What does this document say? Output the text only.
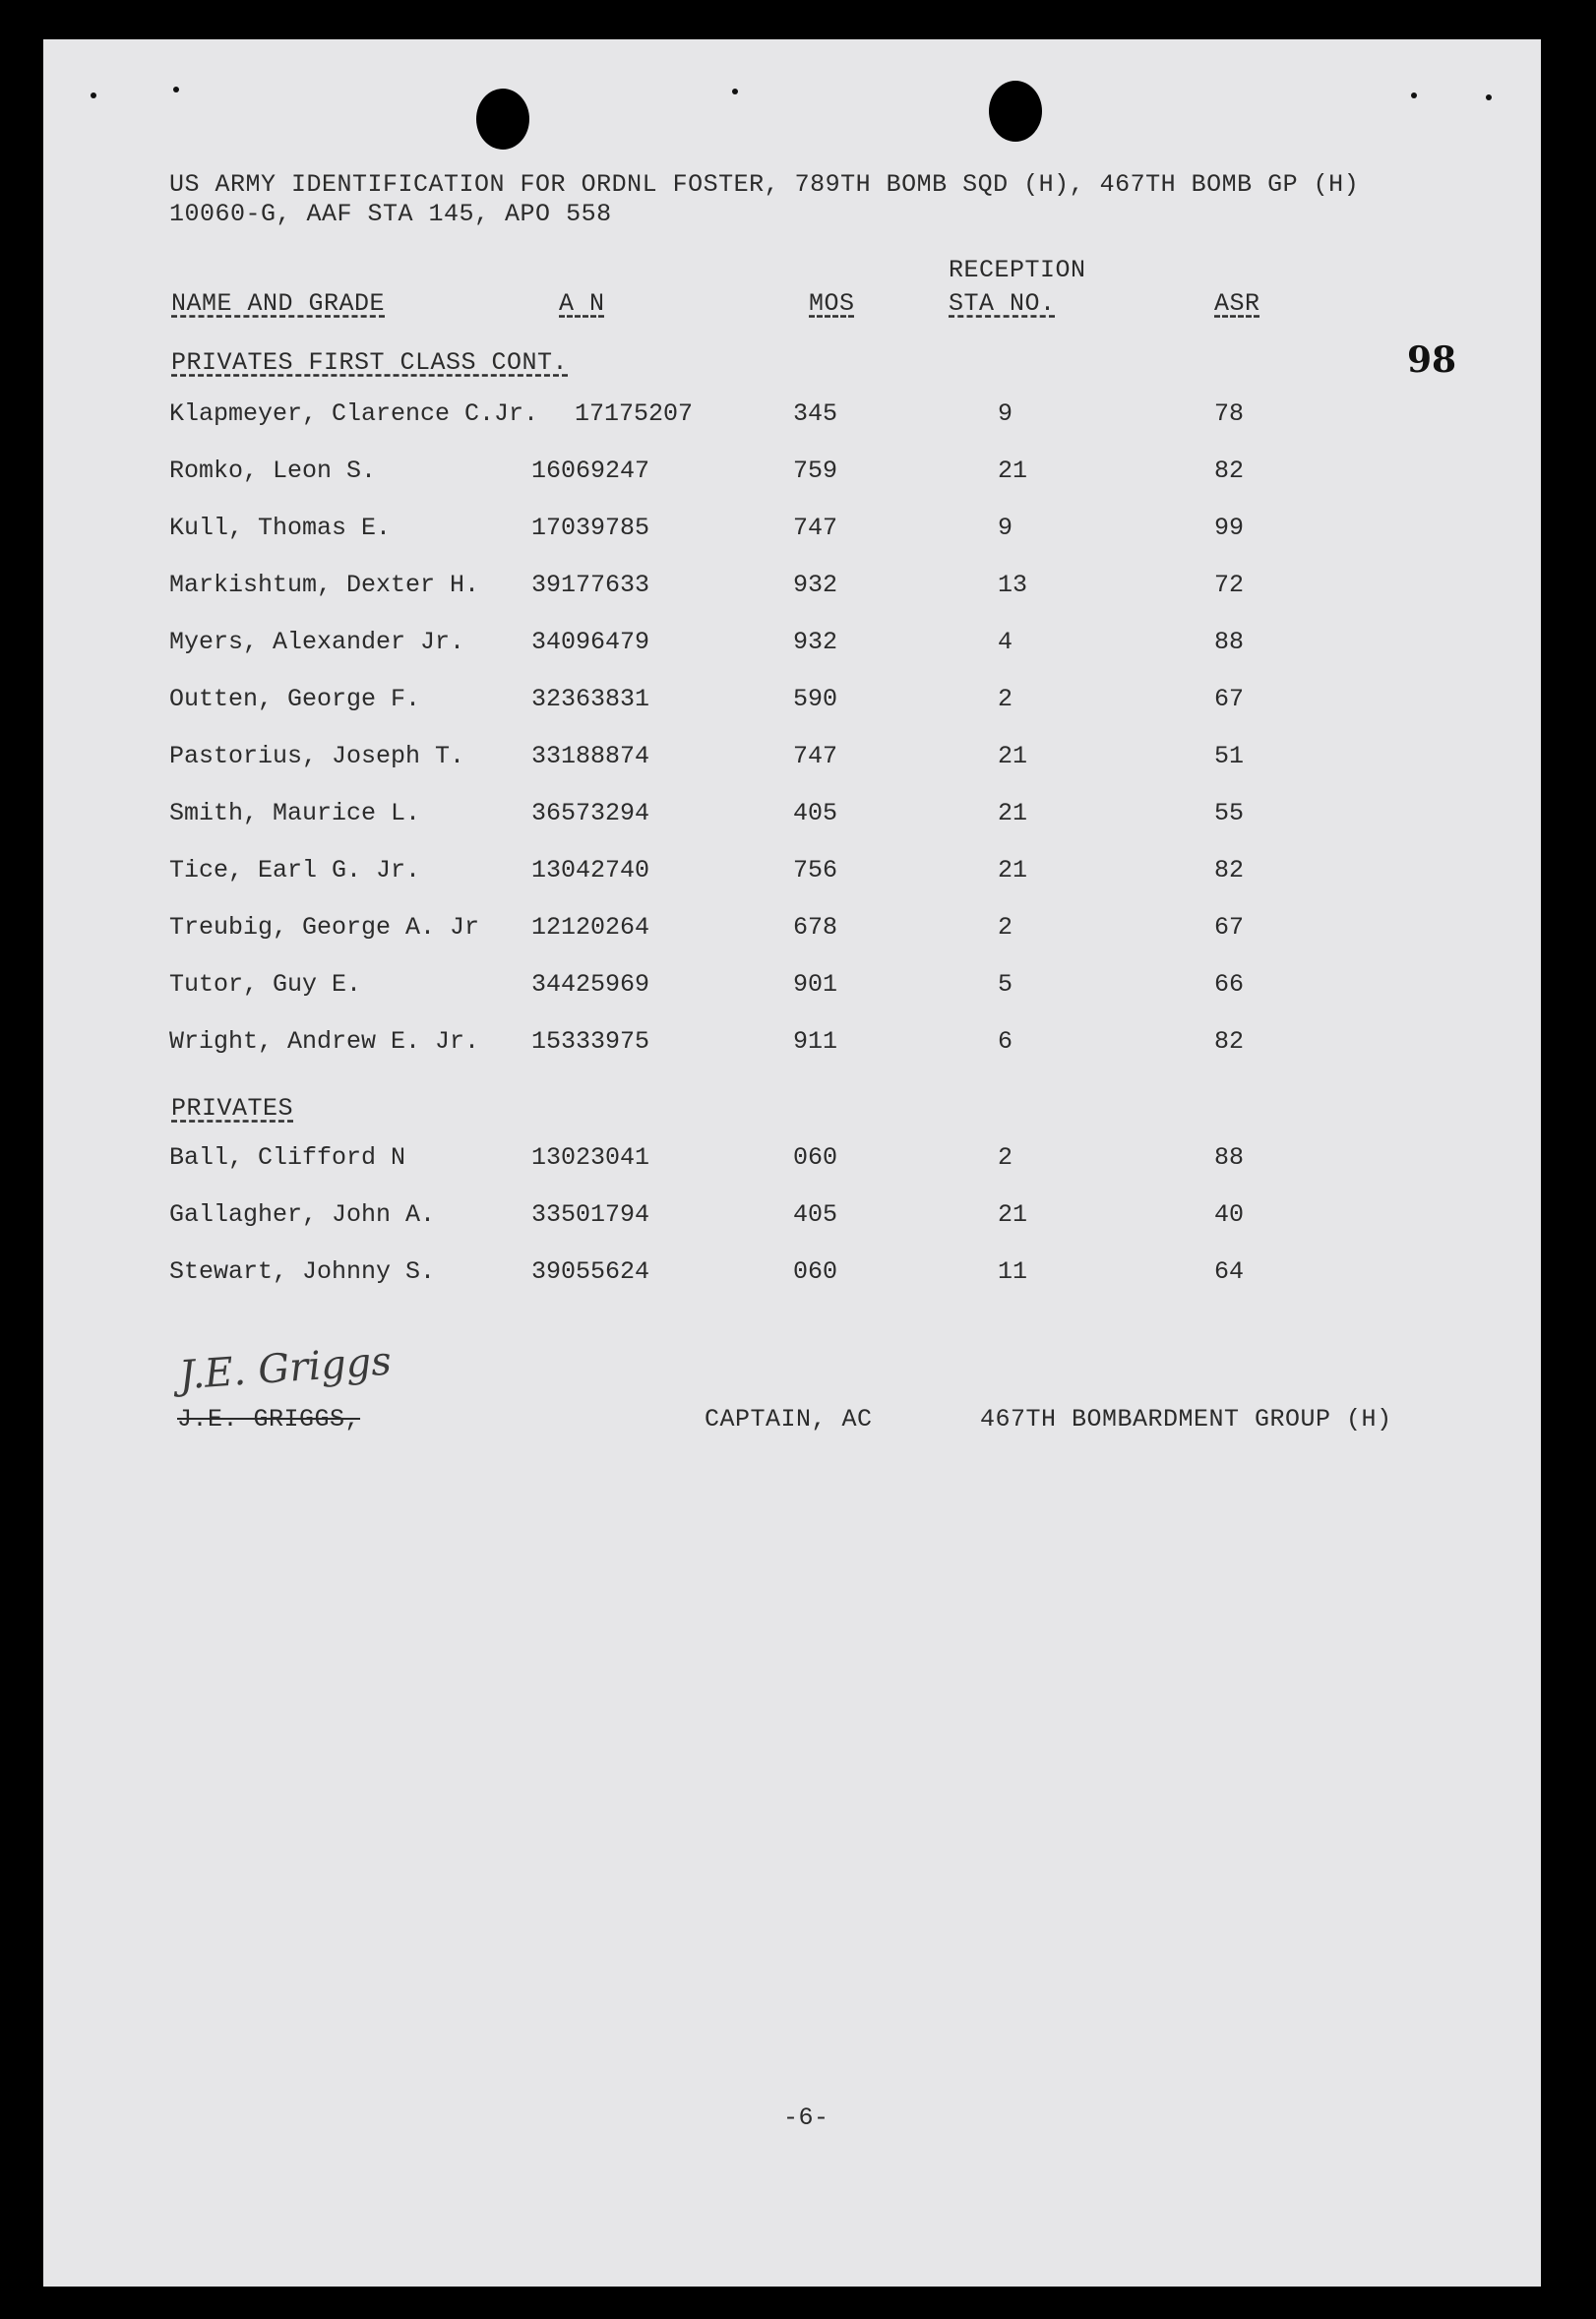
US ARMY IDENTIFICATION FOR ORDNL FOSTER, 789TH BOMB SQD (H), 467TH BOMB GP (H)
10060-G, AAF STA 145, APO 558
98
NAME AND GRADE	A N	MOS
RECEPTION
STA NO.	ASR
PRIVATES FIRST CLASS CONT.
Klapmeyer, Clarence C.Jr. 17175207	345	9	78
Romko, Leon S.	16069247	759	21	82
Kull, Thomas E.	17039785	747	9	99
Markishtum, Dexter H. 39177633	932	13	72
Myers, Alexander Jr.	34096479	932	4	88
Outten, George F.	32363831	590	2	67
Pastorius, Joseph T.	33188874	747	21	51
Smith, Maurice L.	36573294	405	21	55
Tice, Earl G. Jr.	13042740	756	21	82
Treubig, George A. Jr 12120264	678	2	67
Tutor, Guy E.	34425969	901	5	66
Wright, Andrew E. Jr. 15333975	911	6	82
PRIVATES
Ball, Clifford N	13023041	060	2	88
Gallagher, John A.	33501794	405	21	40
Stewart, Johnny S.	39055624	060	11	64
J.E. Griggs
J.E. GRIGGS,	CAPTAIN, AC	467TH BOMBARDMENT GROUP (H)
-6-
